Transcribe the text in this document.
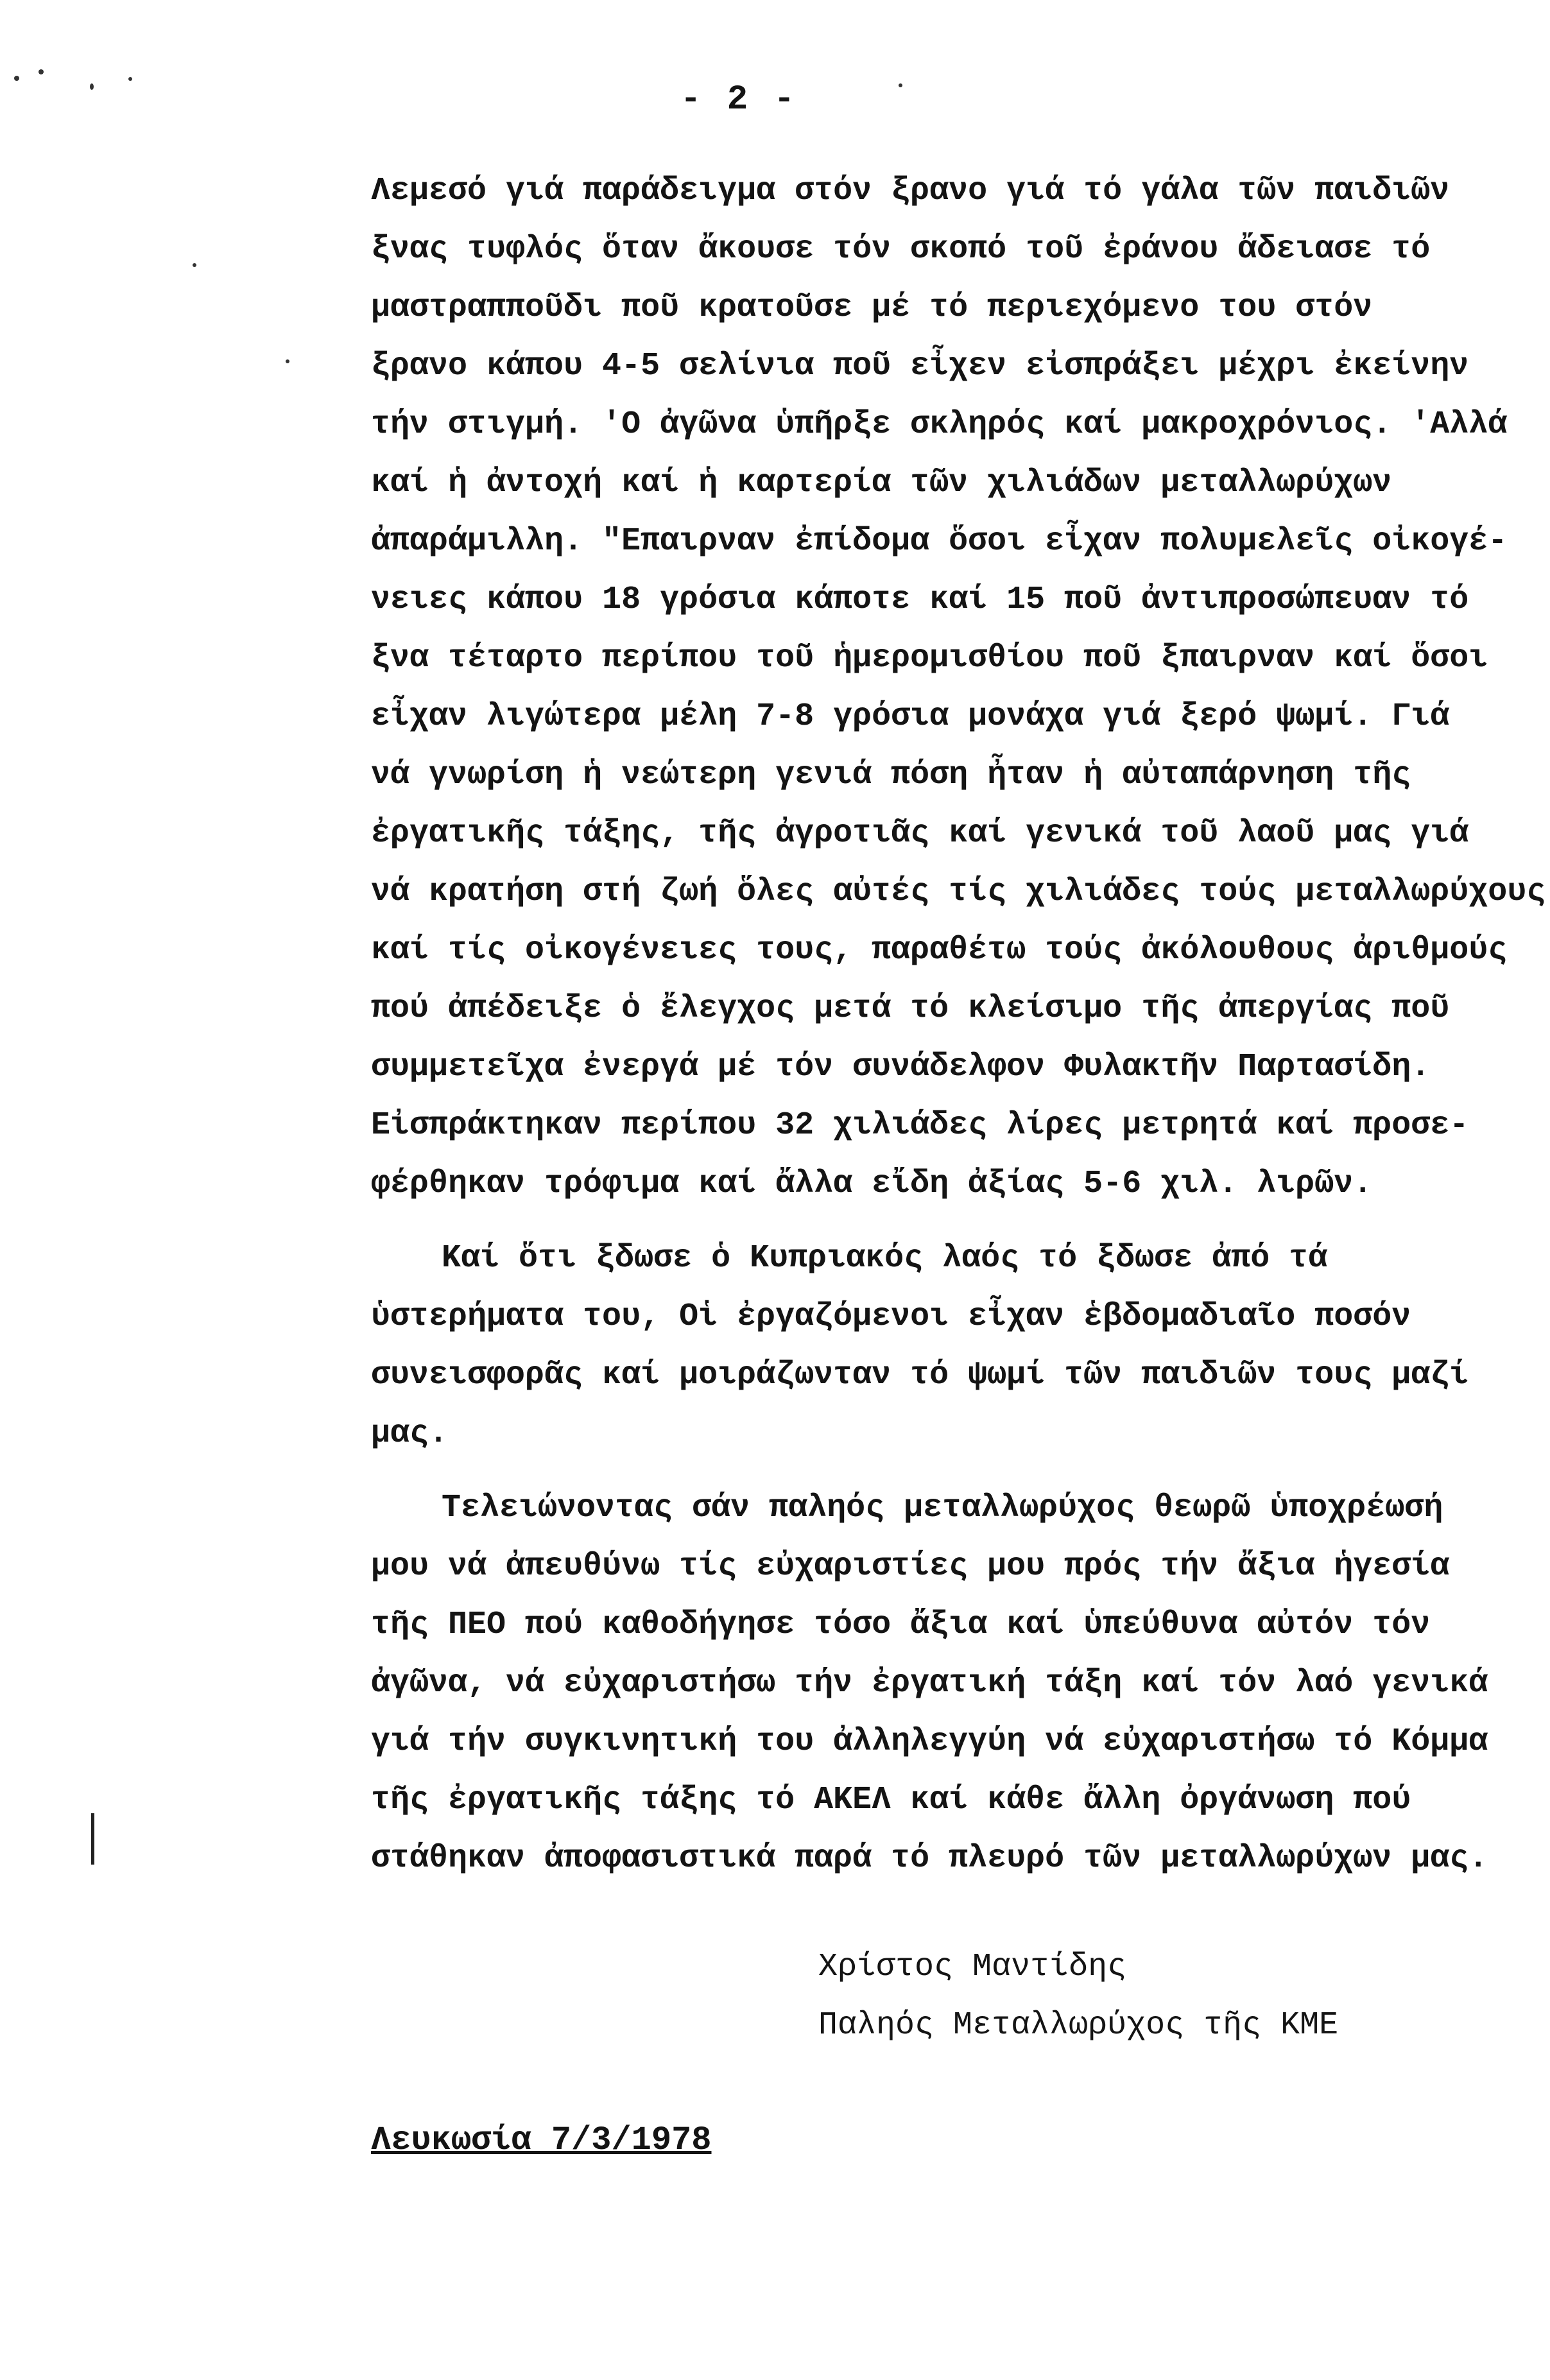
- 2 -
Λεμεσό γιά παράδειγμα στόν ξρανο γιά τό γάλα τῶν παιδιῶν
ξνας τυφλός ὅταν ἄκουσε τόν σκοπό τοῦ ἐράνου ἄδειασε τό
μαστραπποῦδι ποῦ κρατοῦσε μέ τό περιεχόμενο του στόν
ξρανο κάπου 4-5 σελίνια ποῦ εἶχεν εἰσπράξει μέχρι ἐκείνην
τήν στιγμή. 'Ο ἀγῶνα ὑπῆρξε σκληρός καί μακροχρόνιος. 'Αλλά
καί ἡ ἀντοχή καί ἡ καρτερία τῶν χιλιάδων μεταλλωρύχων
ἀπαράμιλλη. "Επαιρναν ἐπίδομα ὅσοι εἶχαν πολυμελεῖς οἰκογέ-
νειες κάπου 18 γρόσια κάποτε καί 15 ποῦ ἀντιπροσώπευαν τό
ξνα τέταρτο περίπου τοῦ ἡμερομισθίου ποῦ ξπαιρναν καί ὅσοι
εἶχαν λιγώτερα μέλη 7-8 γρόσια μονάχα γιά ξερό ψωμί. Γιά
νά γνωρίση ἡ νεώτερη γενιά πόση ἦταν ἡ αὐταπάρνηση τῆς
ἐργατικῆς τάξης, τῆς ἀγροτιᾶς καί γενικά τοῦ λαοῦ μας γιά
νά κρατήση στή ζωή ὅλες αὐτές τίς χιλιάδες τούς μεταλλωρύχους
καί τίς οἰκογένειες τους, παραθέτω τούς ἀκόλουθους ἀριθμούς
πού ἀπέδειξε ὁ ἔλεγχος μετά τό κλείσιμο τῆς ἀπεργίας ποῦ
συμμετεῖχα ἐνεργά μέ τόν συνάδελφον Φυλακτῆν Παρτασίδη.
Εἰσπράκτηκαν περίπου 32 χιλιάδες λίρες μετρητά καί προσε-
φέρθηκαν τρόφιμα καί ἄλλα εἴδη ἀξίας 5-6 χιλ. λιρῶν.
Καί ὅτι ξδωσε ὁ Κυπριακός λαός τό ξδωσε ἀπό τά
ὑστερήματα του, Οἱ ἐργαζόμενοι εἶχαν ἑβδομαδιαῖο ποσόν
συνεισφορᾶς καί μοιράζωνταν τό ψωμί τῶν παιδιῶν τους μαζί
μας.
Τελειώνοντας σάν παληός μεταλλωρύχος θεωρῶ ὑποχρέωσή
μου νά ἀπευθύνω τίς εὐχαριστίες μου πρός τήν ἄξια ἡγεσία
τῆς ΠΕΟ πού καθοδήγησε τόσο ἄξια καί ὑπεύθυνα αὐτόν τόν
ἀγῶνα, νά εὐχαριστήσω τήν ἐργατική τάξη καί τόν λαό γενικά
γιά τήν συγκινητική του ἀλληλεγγύη νά εὐχαριστήσω τό Κόμμα
τῆς ἐργατικῆς τάξης τό ΑΚΕΛ καί κάθε ἄλλη ὀργάνωση πού
στάθηκαν ἀποφασιστικά παρά τό πλευρό τῶν μεταλλωρύχων μας.
Χρίστος Μαντίδης
Παληός Μεταλλωρύχος τῆς ΚΜΕ
Λευκωσία 7/3/1978
